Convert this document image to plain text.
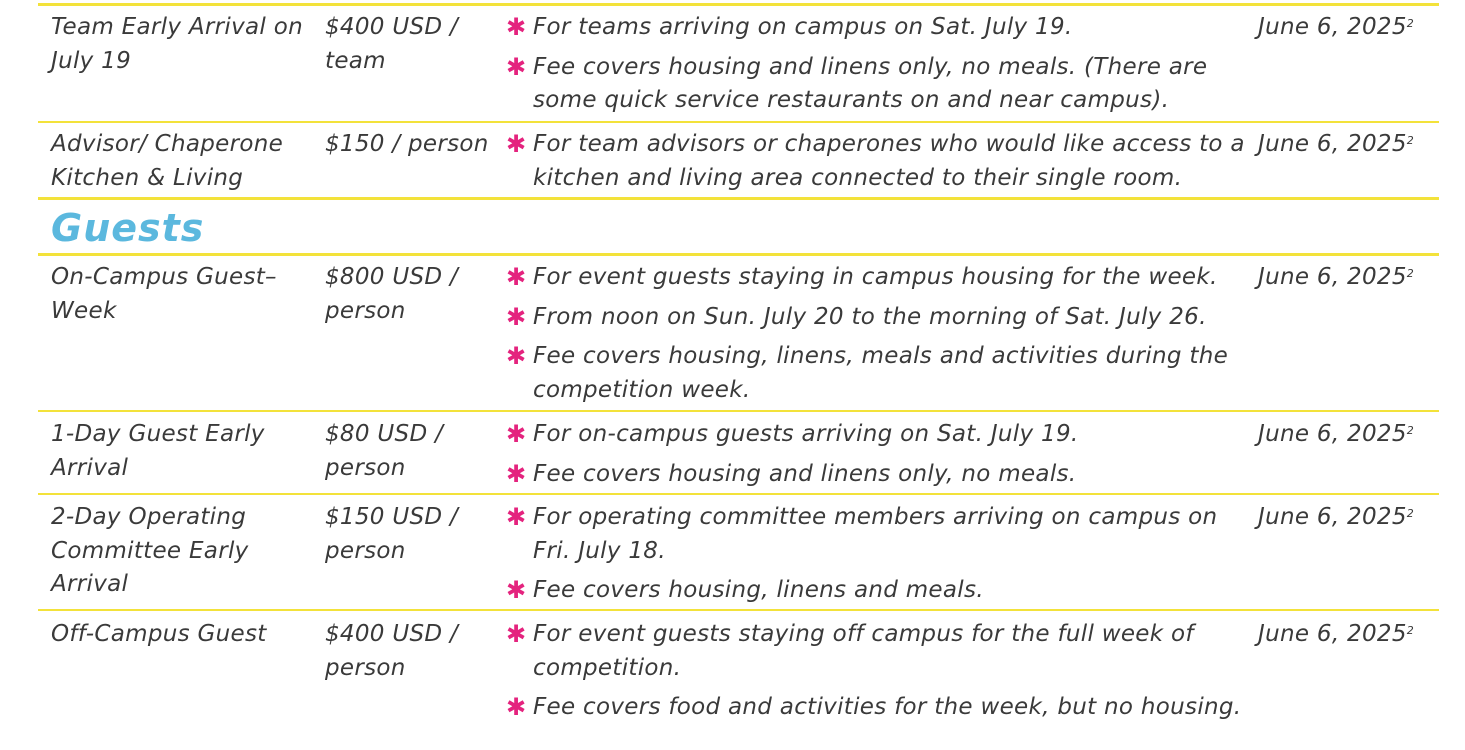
Team Early Arrival on July 19
$400 USD / team
✱ For teams arriving on campus on Sat. July 19.
✱ Fee covers housing and linens only, no meals. (There are some quick service restaurants on and near campus).
June 6, 2025$^2$
Advisor/ Chaperone Kitchen & Living
$150 / person ✱ For team advisors or chaperones who would like access to a kitchen and living area connected to their single room.
June 6, 2025$^2$
Guests
On-Campus Guest–Week
$800 USD / person
✱ For event guests staying in campus housing for the week.
✱ From noon on Sun. July 20 to the morning of Sat. July 26.
✱ Fee covers housing, linens, meals and activities during the competition week.
June 6, 2025$^2$
1-Day Guest Early Arrival
$80 USD / person
✱ For on-campus guests arriving on Sat. July 19.
✱ Fee covers housing and linens only, no meals.
June 6, 2025$^2$
2-Day Operating Committee Early Arrival
$150 USD / person
✱ For operating committee members arriving on campus on Fri. July 18.
✱ Fee covers housing, linens and meals.
June 6, 2025$^2$
Off-Campus Guest	$400 USD / person
✱ For event guests staying off campus for the full week of competition.
✱ Fee covers food and activities for the week, but no housing.
June 6, 2025$^2$
